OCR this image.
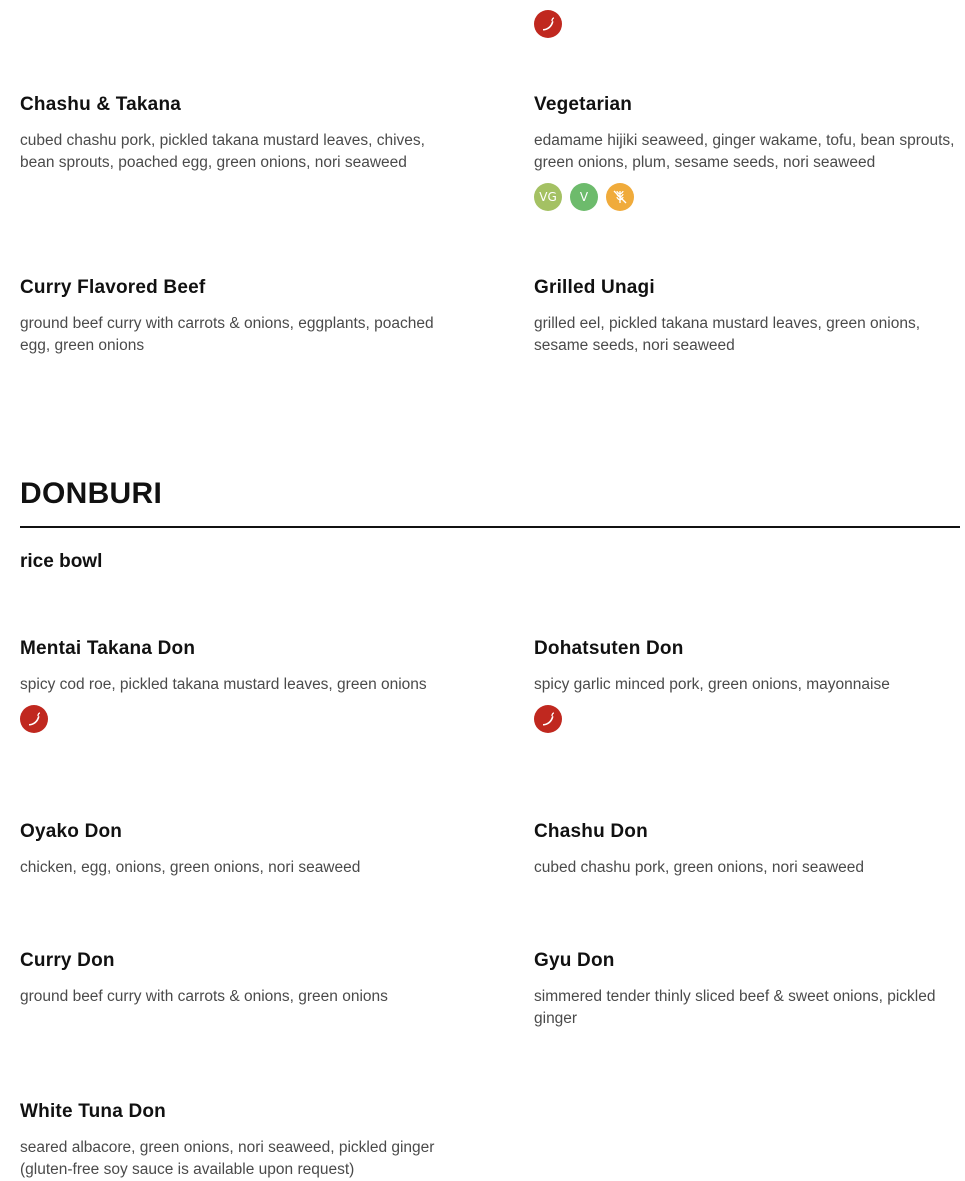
Chashu & Takana
cubed chashu pork, pickled takana mustard leaves, chives, bean sprouts, poached egg, green onions, nori seaweed
Vegetarian
edamame hijiki seaweed, ginger wakame, tofu, bean sprouts, green onions, plum, sesame seeds, nori seaweed
VG	V
Curry Flavored Beef
ground beef curry with carrots & onions, eggplants, poached egg, green onions
Grilled Unagi
grilled eel, pickled takana mustard leaves, green onions, sesame seeds, nori seaweed
DONBURI
rice bowl
Mentai Takana Don
spicy cod roe, pickled takana mustard leaves, green onions
Dohatsuten Don
spicy garlic minced pork, green onions, mayonnaise
Oyako Don
chicken, egg, onions, green onions, nori seaweed
Chashu Don
cubed chashu pork, green onions, nori seaweed
Curry Don
ground beef curry with carrots & onions, green onions
Gyu Don
simmered tender thinly sliced beef & sweet onions, pickled ginger
White Tuna Don
seared albacore, green onions, nori seaweed, pickled ginger (gluten-free soy sauce is available upon request)
